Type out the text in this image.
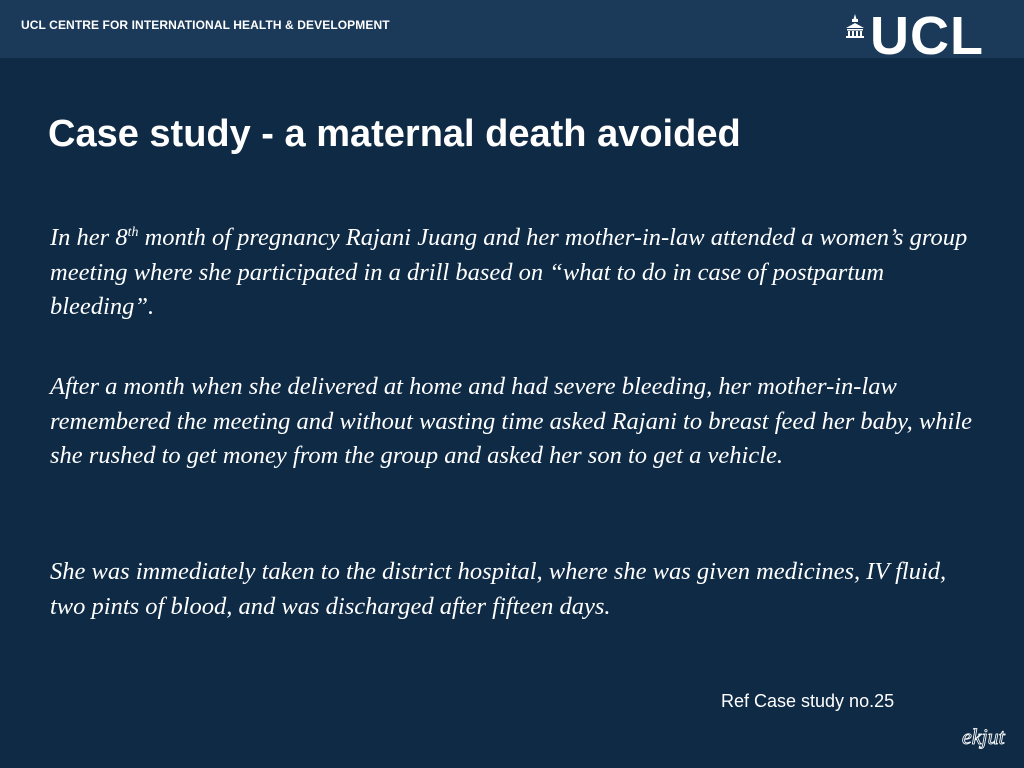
UCL CENTRE FOR INTERNATIONAL HEALTH & DEVELOPMENT	UCL
Case study - a maternal death avoided

In her 8th month of pregnancy Rajani Juang and her mother-in-law attended a women’s group meeting where she participated in a drill based on “what to do in case of postpartum bleeding”.

After a month when she delivered at home and had severe bleeding, her mother-in-law remembered the meeting and without wasting time asked Rajani to breast feed her baby, while she rushed to get money from the group and asked her son to get a vehicle.

She was immediately taken to the district hospital, where she was given medicines, IV fluid, two pints of blood, and was discharged after fifteen days.

Ref Case study no.25
ekjut
